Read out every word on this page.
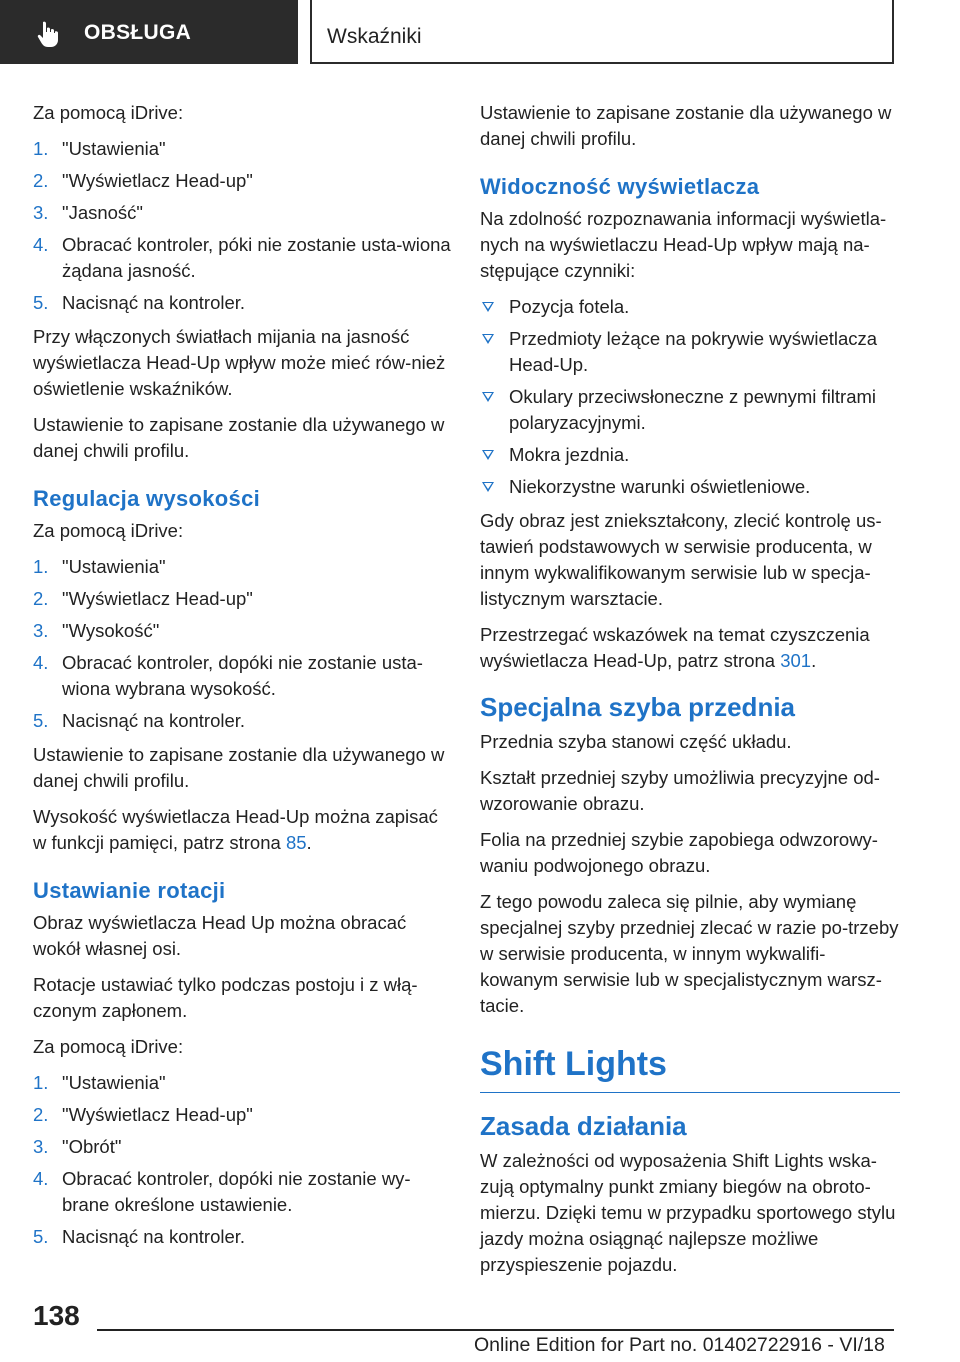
OBSŁUGA	Wskaźniki

Za pomocą iDrive:

1. "Ustawienia"
2. "Wyświetlacz Head-up"
3. "Jasność"
4. Obracać kontroler, póki nie zostanie usta-wiona żądana jasność.
5. Nacisnąć na kontroler.

Przy włączonych światłach mijania na jasność wyświetlacza Head-Up wpływ może mieć rów-nież oświetlenie wskaźników.

Ustawienie to zapisane zostanie dla używanego w danej chwili profilu.

Regulacja wysokości

Za pomocą iDrive:

1. "Ustawienia"
2. "Wyświetlacz Head-up"
3. "Wysokość"
4. Obracać kontroler, dopóki nie zostanie usta-wiona wybrana wysokość.
5. Nacisnąć na kontroler.

Ustawienie to zapisane zostanie dla używanego w danej chwili profilu.

Wysokość wyświetlacza Head-Up można zapisać w funkcji pamięci, patrz strona 85.

Ustawianie rotacji

Obraz wyświetlacza Head Up można obracać wokół własnej osi.

Rotacje ustawiać tylko podczas postoju i z włą-czonym zapłonem.

Za pomocą iDrive:

1. "Ustawienia"
2. "Wyświetlacz Head-up"
3. "Obrót"
4. Obracać kontroler, dopóki nie zostanie wy-brane określone ustawienie.
5. Nacisnąć na kontroler.

Ustawienie to zapisane zostanie dla używanego w danej chwili profilu.

Widoczność wyświetlacza

Na zdolność rozpoznawania informacji wyświetla-nych na wyświetlaczu Head-Up wpływ mają na-stępujące czynniki:

Pozycja fotela.
Przedmioty leżące na pokrywie wyświetlacza Head-Up.
Okulary przeciwsłoneczne z pewnymi filtrami polaryzacyjnymi.
Mokra jezdnia.
Niekorzystne warunki oświetleniowe.

Gdy obraz jest zniekształcony, zlecić kontrolę us-tawień podstawowych w serwisie producenta, w innym wykwalifikowanym serwisie lub w specja-listycznym warsztacie.

Przestrzegać wskazówek na temat czyszczenia wyświetlacza Head-Up, patrz strona 301.

Specjalna szyba przednia

Przednia szyba stanowi część układu.

Kształt przedniej szyby umożliwia precyzyjne od-wzorowanie obrazu.

Folia na przedniej szybie zapobiega odwzorowy-waniu podwojonego obrazu.

Z tego powodu zaleca się pilnie, aby wymianę specjalnej szyby przedniej zlecać w razie po-trzeby w serwisie producenta, w innym wykwalifi-kowanym serwisie lub w specjalistycznym warsz-tacie.

Shift Lights
Zasada działania

W zależności od wyposażenia Shift Lights wska-zują optymalny punkt zmiany biegów na obroto-mierzu. Dzięki temu w przypadku sportowego stylu jazdy można osiągnąć najlepsze możliwe przyspieszenie pojazdu.

138
Online Edition for Part no. 01402722916 - VI/18
